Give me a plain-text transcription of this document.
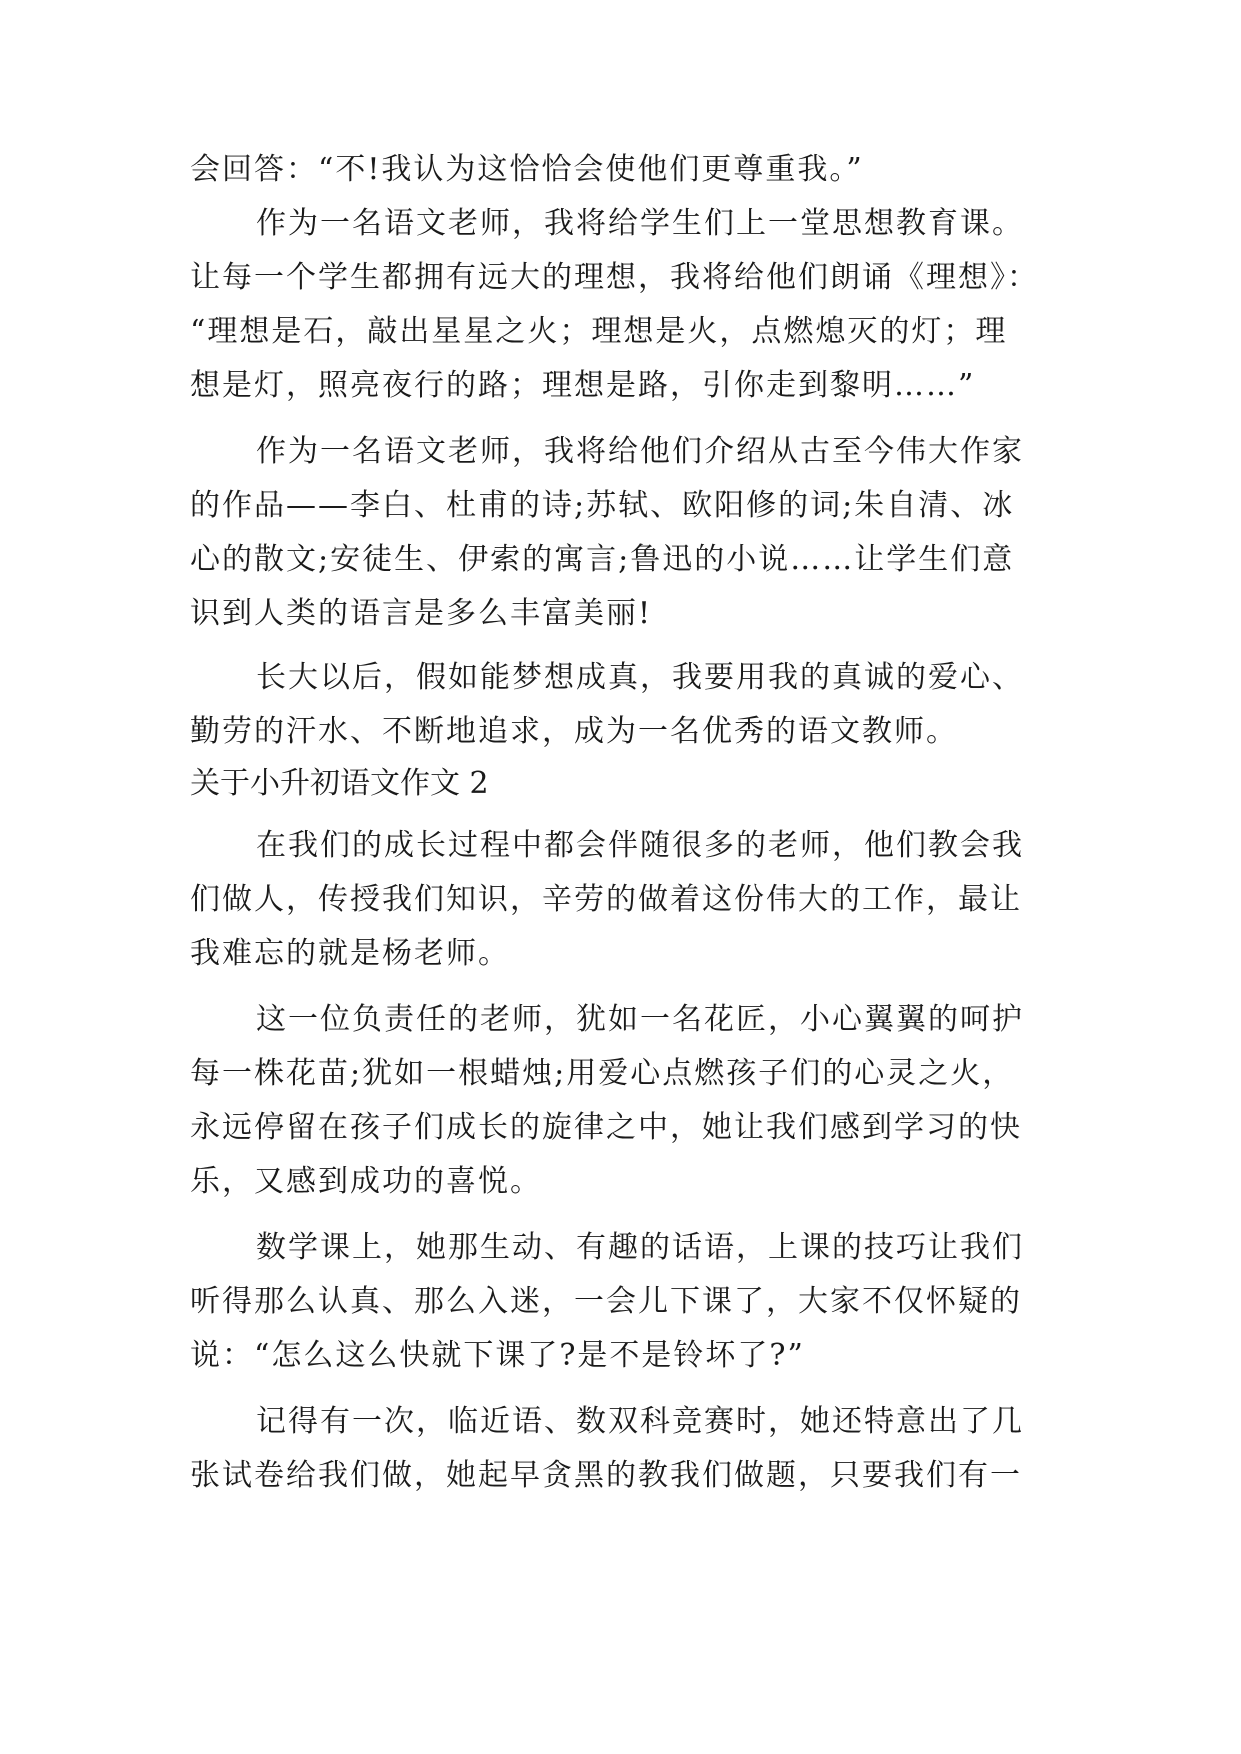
会回答：“不!我认为这恰恰会使他们更尊重我。”
作为一名语文老师，我将给学生们上一堂思想教育课。
让每一个学生都拥有远大的理想，我将给他们朗诵《理想》：
“理想是石，敲出星星之火；理想是火，点燃熄灭的灯；理
想是灯，照亮夜行的路；理想是路，引你走到黎明……”
作为一名语文老师，我将给他们介绍从古至今伟大作家
的作品——李白、杜甫的诗;苏轼、欧阳修的词;朱自清、冰
心的散文;安徒生、伊索的寓言;鲁迅的小说……让学生们意
识到人类的语言是多么丰富美丽!
长大以后，假如能梦想成真，我要用我的真诚的爱心、
勤劳的汗水、不断地追求，成为一名优秀的语文教师。
关于小升初语文作文 2
在我们的成长过程中都会伴随很多的老师，他们教会我
们做人，传授我们知识，辛劳的做着这份伟大的工作，最让
我难忘的就是杨老师。
这一位负责任的老师，犹如一名花匠，小心翼翼的呵护
每一株花苗;犹如一根蜡烛;用爱心点燃孩子们的心灵之火，
永远停留在孩子们成长的旋律之中，她让我们感到学习的快
乐，又感到成功的喜悦。
数学课上，她那生动、有趣的话语，上课的技巧让我们
听得那么认真、那么入迷，一会儿下课了，大家不仅怀疑的
说：“怎么这么快就下课了?是不是铃坏了?”
记得有一次，临近语、数双科竞赛时，她还特意出了几
张试卷给我们做，她起早贪黑的教我们做题，只要我们有一
